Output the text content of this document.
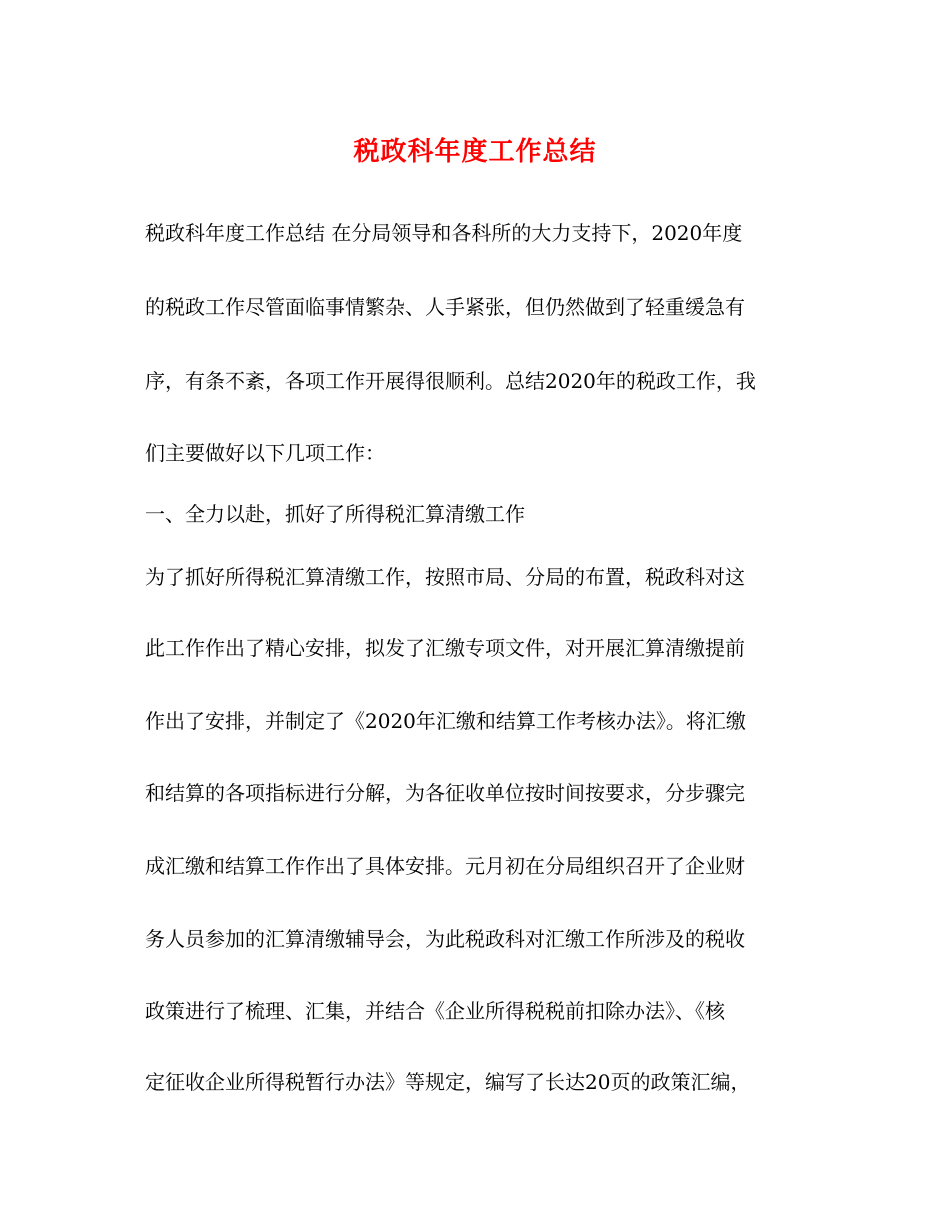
税政科年度工作总结
税政科年度工作总结 在分局领导和各科所的大力支持下，2020年度
的税政工作尽管面临事情繁杂、人手紧张，但仍然做到了轻重缓急有
序，有条不紊，各项工作开展得很顺利。总结2020年的税政工作，我
们主要做好以下几项工作：
一、全力以赴，抓好了所得税汇算清缴工作
为了抓好所得税汇算清缴工作，按照市局、分局的布置，税政科对这
此工作作出了精心安排，拟发了汇缴专项文件，对开展汇算清缴提前
作出了安排，并制定了《2020年汇缴和结算工作考核办法》。将汇缴
和结算的各项指标进行分解，为各征收单位按时间按要求，分步骤完
成汇缴和结算工作作出了具体安排。元月初在分局组织召开了企业财
务人员参加的汇算清缴辅导会，为此税政科对汇缴工作所涉及的税收
政策进行了梳理、汇集，并结合《企业所得税税前扣除办法》、《核
定征收企业所得税暂行办法》等规定，编写了长达20页的政策汇编，
